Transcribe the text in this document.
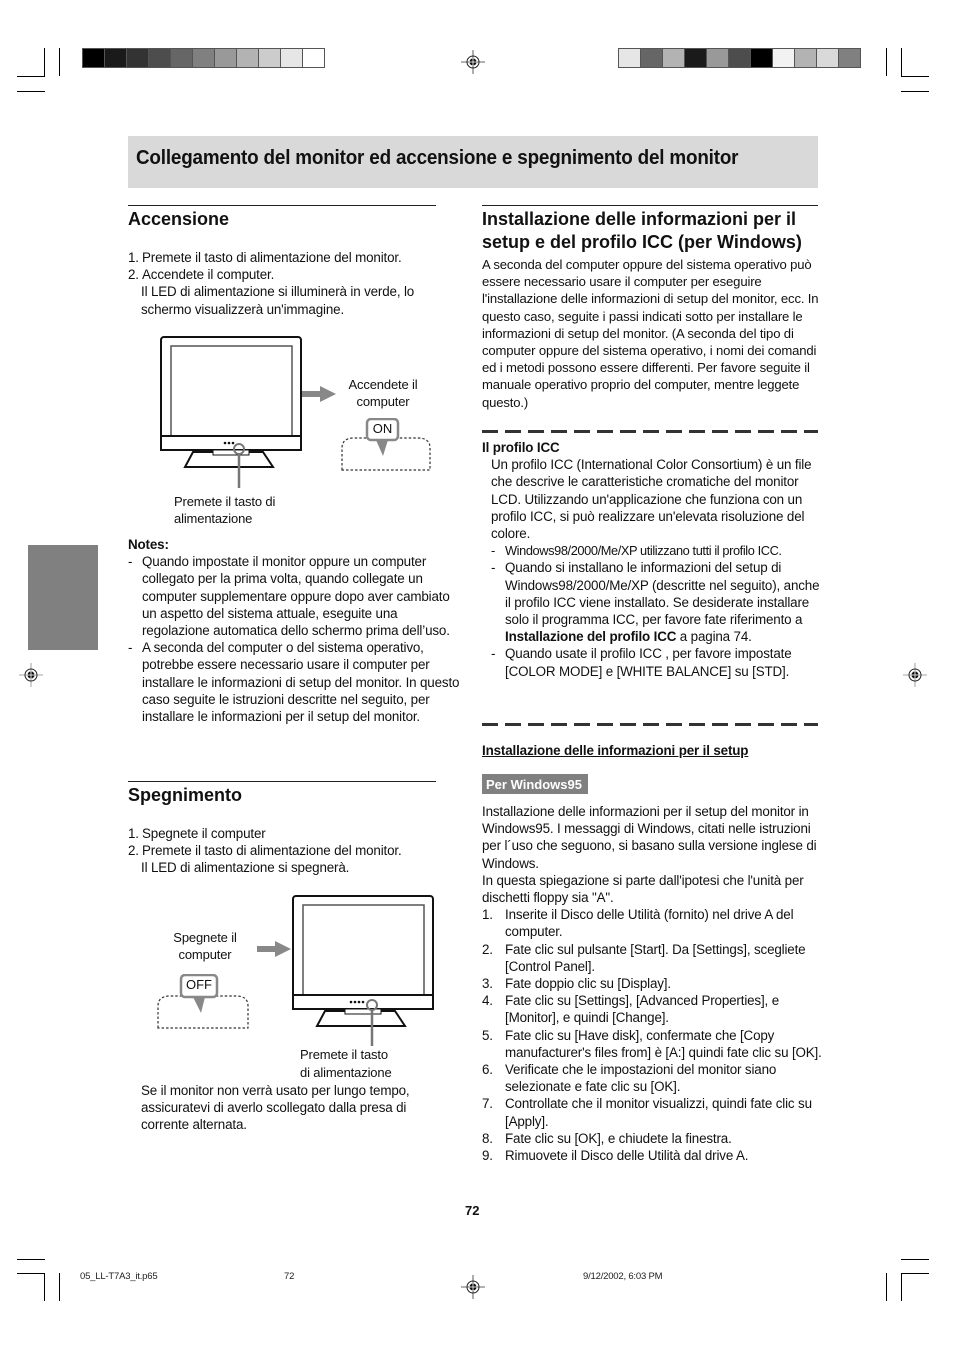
Collegamento del monitor ed accensione e spegnimento del monitor
Accensione
1. Premete il tasto di alimentazione del monitor.
2. Accendete il computer.

Il LED di alimentazione si illuminerà in verde, lo schermo visualizzerà un'immagine.

Accendete il computer
ON
Premete il tasto di
alimentazione

Notes:

- Quando impostate il monitor oppure un computer collegato per la prima volta, quando collegate un computer supplementare oppure dopo aver cambiato un aspetto del sistema attuale, eseguite una regolazione automatica dello schermo prima dell’uso.
- A seconda del computer o del sistema operativo, potrebbe essere necessario usare il computer per installare le informazioni di setup del monitor. In questo caso seguite le istruzioni descritte nel seguito, per installare le informazioni per il setup del monitor.
Spegnimento
1. Spegnete il computer
2. Premete il tasto di alimentazione del monitor.

Il LED di alimentazione si spegnerà.

Spegnete il
computer
OFF
Premete il tasto
di alimentazione
Se il monitor non verrà usato per lungo tempo, assicuratevi di averlo scollegato dalla presa di corrente alternata.
Installazione delle informazioni per il setup e del profilo ICC (per Windows)
A seconda del computer oppure del sistema operativo può essere necessario usare il computer per eseguire l'installazione delle informazioni di setup del monitor, ecc. In questo caso, seguite i passi indicati sotto per installare le informazioni di setup del monitor. (A seconda del tipo di computer oppure del sistema operativo, i nomi dei comandi ed i metodi possono essere differenti. Per favore seguite il manuale operativo proprio del computer, mentre leggete questo.)

Il profilo ICC

Un profilo ICC (International Color Consortium) è un file che descrive le caratteristiche cromatiche del monitor LCD. Utilizzando un'applicazione che funziona con un profilo ICC, si può realizzare un'elevata risoluzione del colore.

- Windows98/2000/Me/XP utilizzano tutti il profilo ICC.
- Quando si installano le informazioni del setup di Windows98/2000/Me/XP (descritte nel seguito), anche il profilo ICC viene installato. Se desiderate installare solo il programma ICC, per favore fate riferimento a Installazione del profilo ICC a pagina 74.
- Quando usate il profilo ICC , per favore impostate [COLOR MODE] e [WHITE BALANCE] su [STD].
Installazione delle informazioni per il setup
Per Windows95

Installazione delle informazioni per il setup del monitor in Windows95. I messaggi di Windows, citati nelle istruzioni per l´uso che seguono, si basano sulla versione inglese di Windows.

In questa spiegazione si parte dall'ipotesi che l'unità per dischetti floppy sia "A".

1. Inserite il Disco delle Utilità (fornito) nel drive A del computer.
2. Fate clic sul pulsante [Start]. Da [Settings], scegliete [Control Panel].
3. Fate doppio clic su [Display].
4. Fate clic su [Settings], [Advanced Properties], e [Monitor], e quindi [Change].
5. Fate clic su [Have disk], confermate che [Copy manufacturer's files from] è [A:] quindi fate clic su [OK].
6. Verificate che le impostazioni del monitor siano selezionate e fate clic su [OK].
7. Controllate che il monitor visualizzi, quindi fate clic su [Apply].
8. Fate clic su [OK], e chiudete la finestra.
9. Rimuovete il Disco delle Utilità dal drive A.
72
05_LL-T7A3_it.p65	72	9/12/2002, 6:03 PM
